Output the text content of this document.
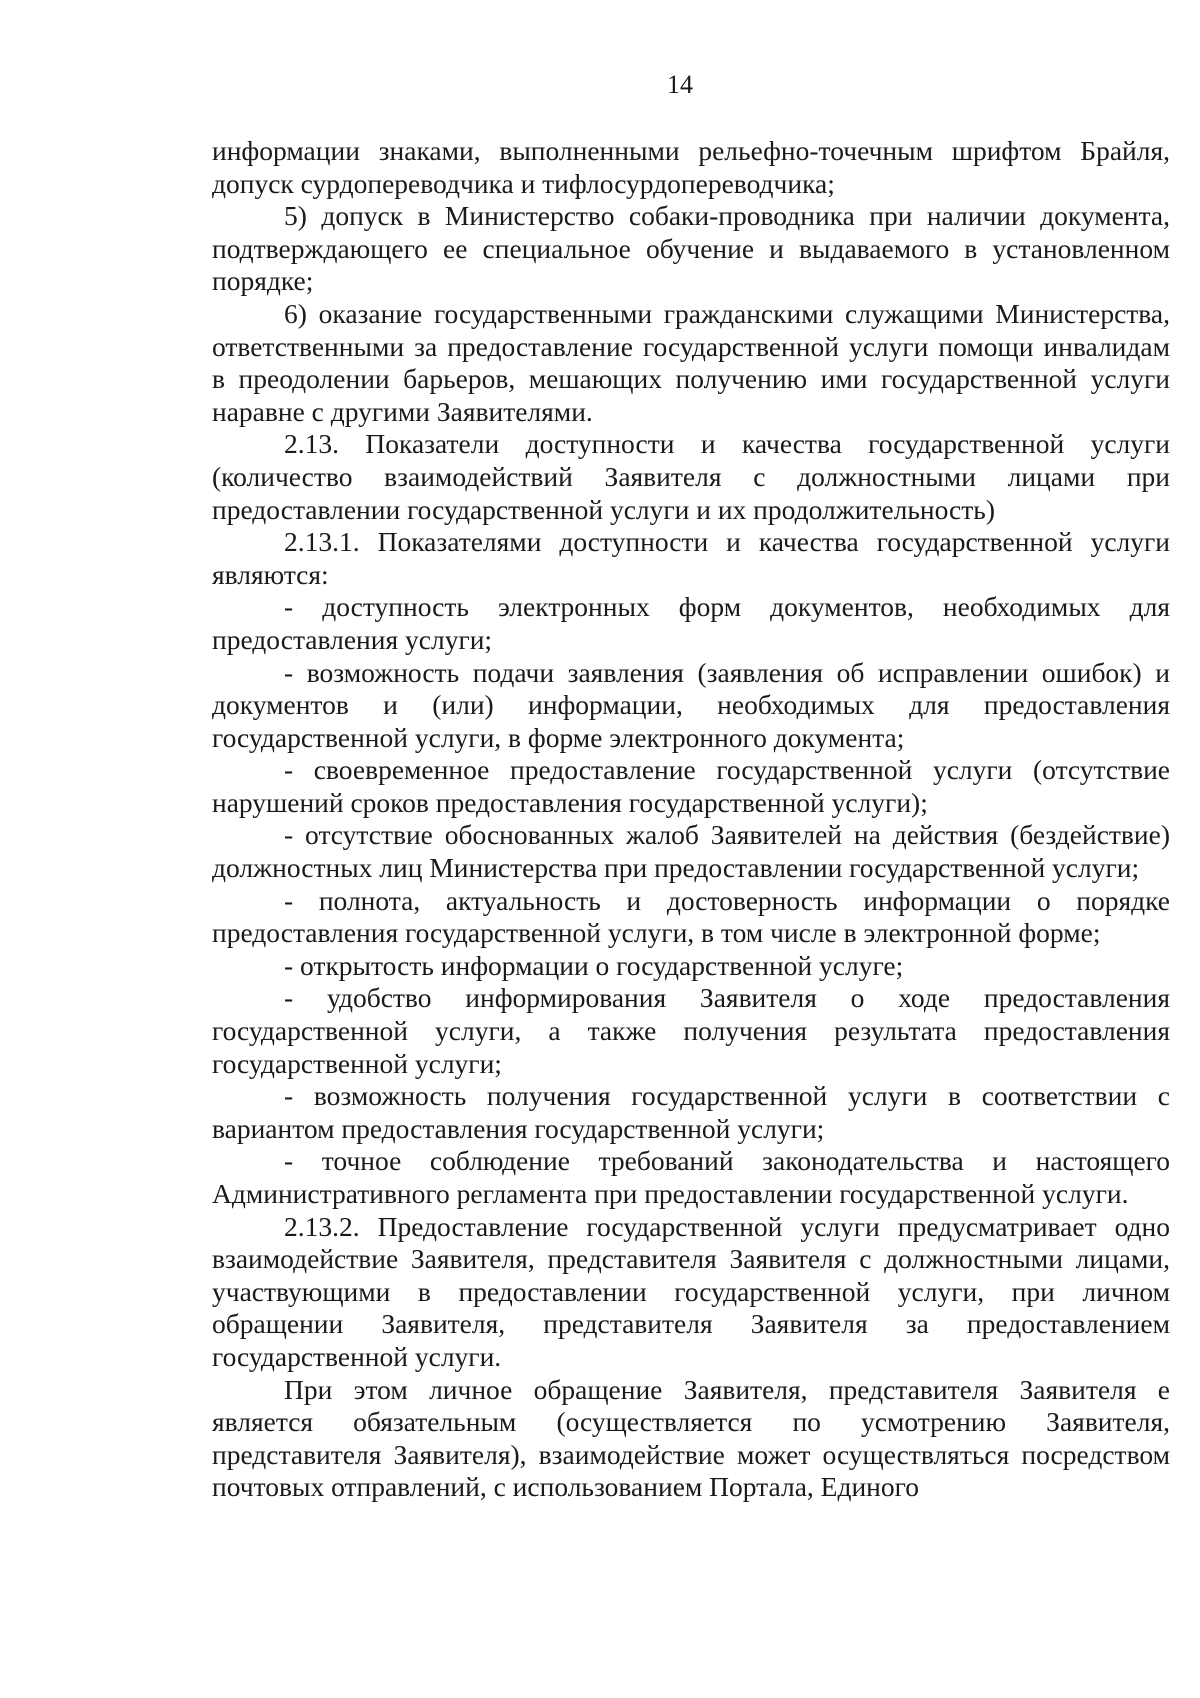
14

информации знаками, выполненными рельефно-точечным шрифтом Брайля, допуск сурдопереводчика и тифлосурдопереводчика;

5) допуск в Министерство собаки-проводника при наличии документа, подтверждающего ее специальное обучение и выдаваемого в установленном порядке;

6) оказание государственными гражданскими служащими Министерства, ответственными за предоставление государственной услуги помощи инвалидам в преодолении барьеров, мешающих получению ими государственной услуги наравне с другими Заявителями.

2.13. Показатели доступности и качества государственной услуги (количество взаимодействий Заявителя с должностными лицами при предоставлении государственной услуги и их продолжительность)

2.13.1. Показателями доступности и качества государственной услуги являются:

- доступность электронных форм документов, необходимых для предоставления услуги;

- возможность подачи заявления (заявления об исправлении ошибок) и документов и (или) информации, необходимых для предоставления государственной услуги, в форме электронного документа;

- своевременное предоставление государственной услуги (отсутствие нарушений сроков предоставления государственной услуги);

- отсутствие обоснованных жалоб Заявителей на действия (бездействие) должностных лиц Министерства при предоставлении государственной услуги;

- полнота, актуальность и достоверность информации о порядке предоставления государственной услуги, в том числе в электронной форме;

- открытость информации о государственной услуге;

- удобство информирования Заявителя о ходе предоставления государственной услуги, а также получения результата предоставления государственной услуги;

- возможность получения государственной услуги в соответствии с вариантом предоставления государственной услуги;

- точное соблюдение требований законодательства и настоящего Административного регламента при предоставлении государственной услуги.

2.13.2. Предоставление государственной услуги предусматривает одно взаимодействие Заявителя, представителя Заявителя с должностными лицами, участвующими в предоставлении государственной услуги, при личном обращении Заявителя, представителя Заявителя за предоставлением государственной услуги.

При этом личное обращение Заявителя, представителя Заявителя е является обязательным (осуществляется по усмотрению Заявителя, представителя Заявителя), взаимодействие может осуществляться посредством почтовых отправлений, с использованием Портала, Единого
